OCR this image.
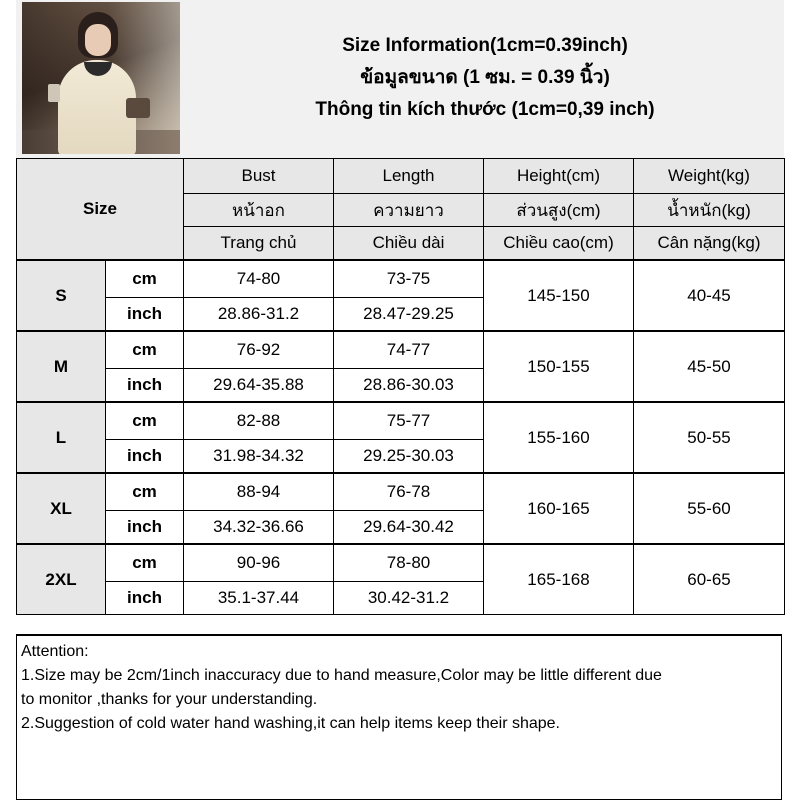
Size Information(1cm=0.39inch)
ข้อมูลขนาด (1 ซม. = 0.39 นิ้ว)
Thông tin kích thước (1cm=0,39 inch)
Size		Bust	Length	Height(cm)	Weight(kg)
		หน้าอก	ความยาว	ส่วนสูง(cm)	น้ำหนัก(kg)
		Trang chủ	Chiều dài	Chiều cao(cm)	Cân nặng(kg)
S	cm	74-80	73-75	145-150	40-45
	inch	28.86-31.2	28.47-29.25		
M	cm	76-92	74-77	150-155	45-50
	inch	29.64-35.88	28.86-30.03		
L	cm	82-88	75-77	155-160	50-55
	inch	31.98-34.32	29.25-30.03		
XL	cm	88-94	76-78	160-165	55-60
	inch	34.32-36.66	29.64-30.42		
2XL	cm	90-96	78-80	165-168	60-65
	inch	35.1-37.44	30.42-31.2		

Attention:

1.Size may be 2cm/1inch inaccuracy due to hand measure,Color may be little different due

to monitor ,thanks for your understanding.

2.Suggestion of cold water hand washing,it can help items keep their shape.
